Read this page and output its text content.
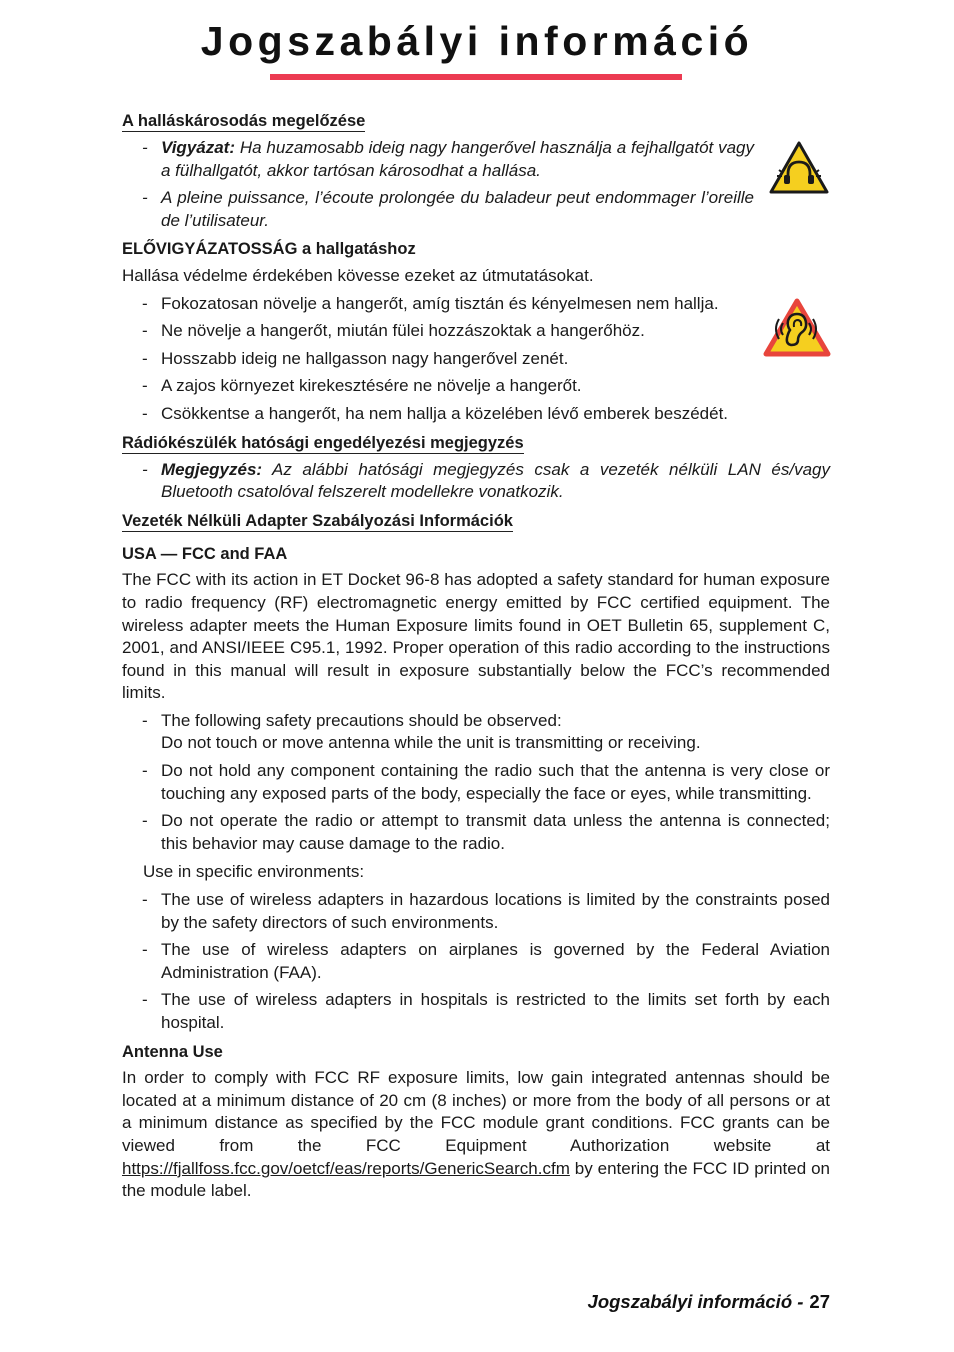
Jogszabályi információ
A halláskárosodás megelőzése
- Vigyázat: Ha huzamosabb ideig nagy hangerővel használja a fejhallgatót vagy a fülhallgatót, akkor tartósan károsodhat a hallása.
- A pleine puissance, l’écoute prolongée du baladeur peut endommager l’oreille de l’utilisateur.
ELŐVIGYÁZATOSSÁG a hallgatáshoz

Hallása védelme érdekében kövesse ezeket az útmutatásokat.

- Fokozatosan növelje a hangerőt, amíg tisztán és kényelmesen nem hallja.
- Ne növelje a hangerőt, miután fülei hozzászoktak a hangerőhöz.
- Hosszabb ideig ne hallgasson nagy hangerővel zenét.
- A zajos környezet kirekesztésére ne növelje a hangerőt.
- Csökkentse a hangerőt, ha nem hallja a közelében lévő emberek beszédét.
Rádiókészülék hatósági engedélyezési megjegyzés
- Megjegyzés: Az alábbi hatósági megjegyzés csak a vezeték nélküli LAN és/vagy Bluetooth csatolóval felszerelt modellekre vonatkozik.
Vezeték Nélküli Adapter Szabályozási Információk
USA — FCC and FAA

The FCC with its action in ET Docket 96-8 has adopted a safety standard for human exposure to radio frequency (RF) electromagnetic energy emitted by FCC certified equipment. The wireless adapter meets the Human Exposure limits found in OET Bulletin 65, supplement C, 2001, and ANSI/IEEE C95.1, 1992. Proper operation of this radio according to the instructions found in this manual will result in exposure substantially below the FCC’s recommended limits.

- The following safety precautions should be observed:
Do not touch or move antenna while the unit is transmitting or receiving.
- Do not hold any component containing the radio such that the antenna is very close or touching any exposed parts of the body, especially the face or eyes, while transmitting.
- Do not operate the radio or attempt to transmit data unless the antenna is connected; this behavior may cause damage to the radio.

Use in specific environments:

- The use of wireless adapters in hazardous locations is limited by the constraints posed by the safety directors of such environments.
- The use of wireless adapters on airplanes is governed by the Federal Aviation Administration (FAA).
- The use of wireless adapters in hospitals is restricted to the limits set forth by each hospital.
Antenna Use

In order to comply with FCC RF exposure limits, low gain integrated antennas should be located at a minimum distance of 20 cm (8 inches) or more from the body of all persons or at a minimum distance as specified by the FCC module grant conditions. FCC grants can be viewed from the FCC Equipment Authorization website at https://fjallfoss.fcc.gov/oetcf/eas/reports/GenericSearch.cfm by entering the FCC ID printed on the module label.

Jogszabályi információ - 27
